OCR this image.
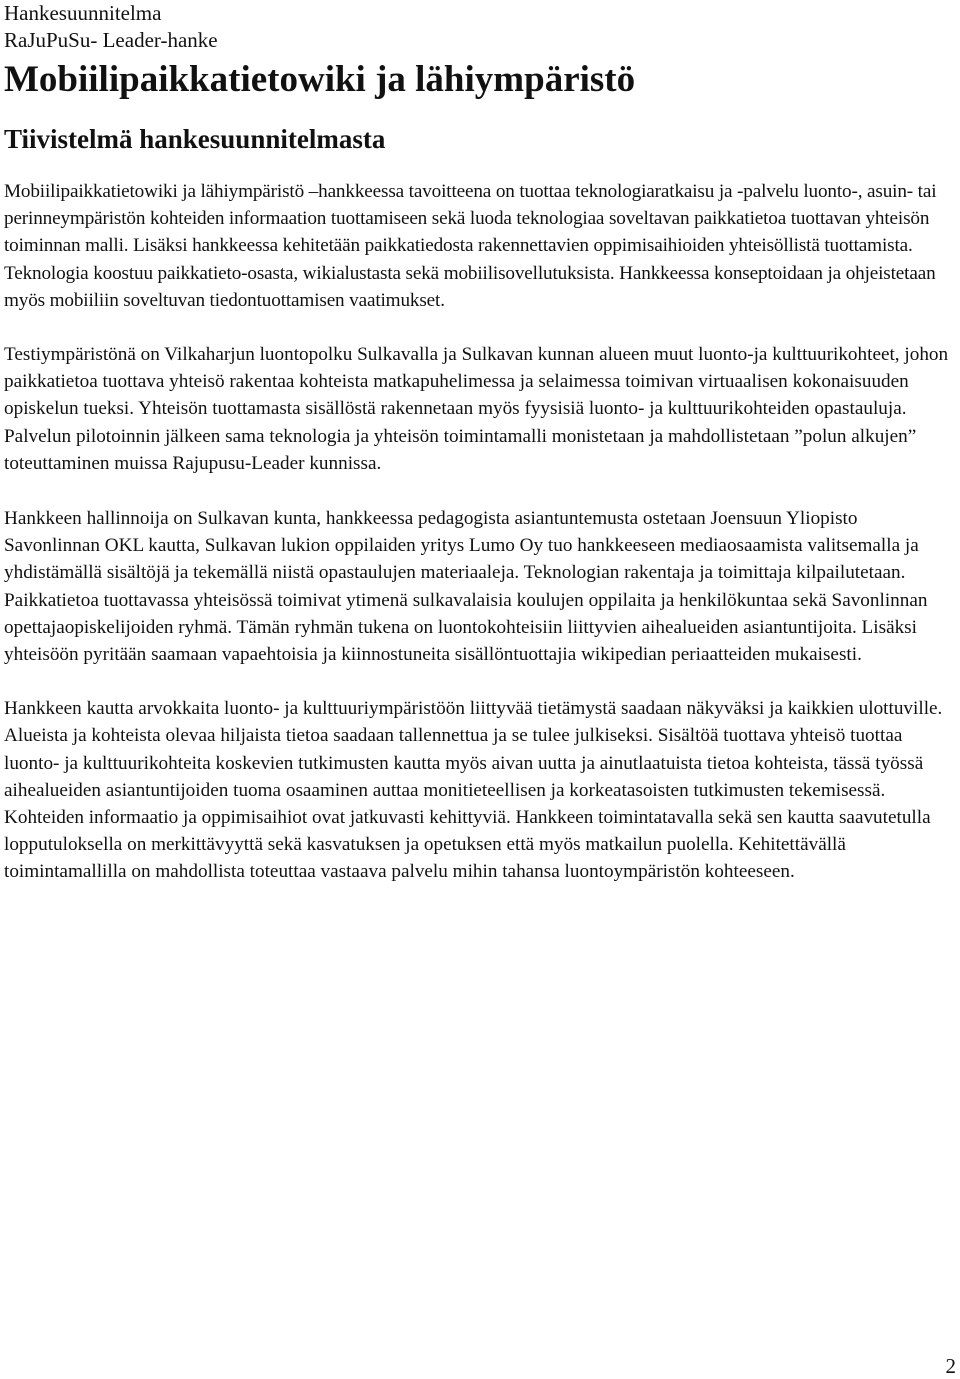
Hankesuunnitelma

RaJuPuSu- Leader-hanke

Mobiilipaikkatietowiki ja lähiympäristö
Tiivistelmä hankesuunnitelmasta

Mobiilipaikkatietowiki ja lähiympäristö –hankkeessa tavoitteena on tuottaa teknologiaratkaisu ja -palvelu luonto-, asuin- tai perinneympäristön kohteiden informaation tuottamiseen sekä luoda teknologiaa soveltavan paikkatietoa tuottavan yhteisön toiminnan malli. Lisäksi hankkeessa kehitetään paikkatiedosta rakennettavien oppimisaihioiden yhteisöllistä tuottamista. Teknologia koostuu paikkatieto-osasta, wikialustasta sekä mobiilisovellutuksista. Hankkeessa konseptoidaan ja ohjeistetaan myös mobiiliin soveltuvan tiedontuottamisen vaatimukset.

Testiympäristönä on Vilkaharjun luontopolku Sulkavalla ja Sulkavan kunnan alueen muut luonto-ja kulttuurikohteet, johon paikkatietoa tuottava yhteisö rakentaa kohteista matkapuhelimessa ja selaimessa toimivan virtuaalisen kokonaisuuden opiskelun tueksi. Yhteisön tuottamasta sisällöstä rakennetaan myös fyysisiä luonto- ja kulttuurikohteiden opastauluja. Palvelun pilotoinnin jälkeen sama teknologia ja yhteisön toimintamalli monistetaan ja mahdollistetaan ”polun alkujen” toteuttaminen muissa Rajupusu-Leader kunnissa.

Hankkeen hallinnoija on Sulkavan kunta, hankkeessa pedagogista asiantuntemusta ostetaan Joensuun Yliopisto Savonlinnan OKL kautta, Sulkavan lukion oppilaiden yritys Lumo Oy tuo hankkeeseen mediaosaamista valitsemalla ja yhdistämällä sisältöjä ja tekemällä niistä opastaulujen materiaaleja. Teknologian rakentaja ja toimittaja kilpailutetaan. Paikkatietoa tuottavassa yhteisössä toimivat ytimenä sulkavalaisia koulujen oppilaita ja henkilökuntaa sekä Savonlinnan opettajaopiskelijoiden ryhmä. Tämän ryhmän tukena on luontokohteisiin liittyvien aihealueiden asiantuntijoita. Lisäksi yhteisöön pyritään saamaan vapaehtoisia ja kiinnostuneita sisällöntuottajia wikipedian periaatteiden mukaisesti.

Hankkeen kautta arvokkaita luonto- ja kulttuuriympäristöön liittyvää tietämystä saadaan näkyväksi ja kaikkien ulottuville. Alueista ja kohteista olevaa hiljaista tietoa saadaan tallennettua ja se tulee julkiseksi. Sisältöä tuottava yhteisö tuottaa luonto- ja kulttuurikohteita koskevien tutkimusten kautta myös aivan uutta ja ainutlaatuista tietoa kohteista, tässä työssä aihealueiden asiantuntijoiden tuoma osaaminen auttaa monitieteellisen ja korkeatasoisten tutkimusten tekemisessä. Kohteiden informaatio ja oppimisaihiot ovat jatkuvasti kehittyviä. Hankkeen toimintatavalla sekä sen kautta saavutetulla lopputuloksella on merkittävyyttä sekä kasvatuksen ja opetuksen että myös matkailun puolella. Kehitettävällä toimintamallilla on mahdollista toteuttaa vastaava palvelu mihin tahansa luontoympäristön kohteeseen.

2
